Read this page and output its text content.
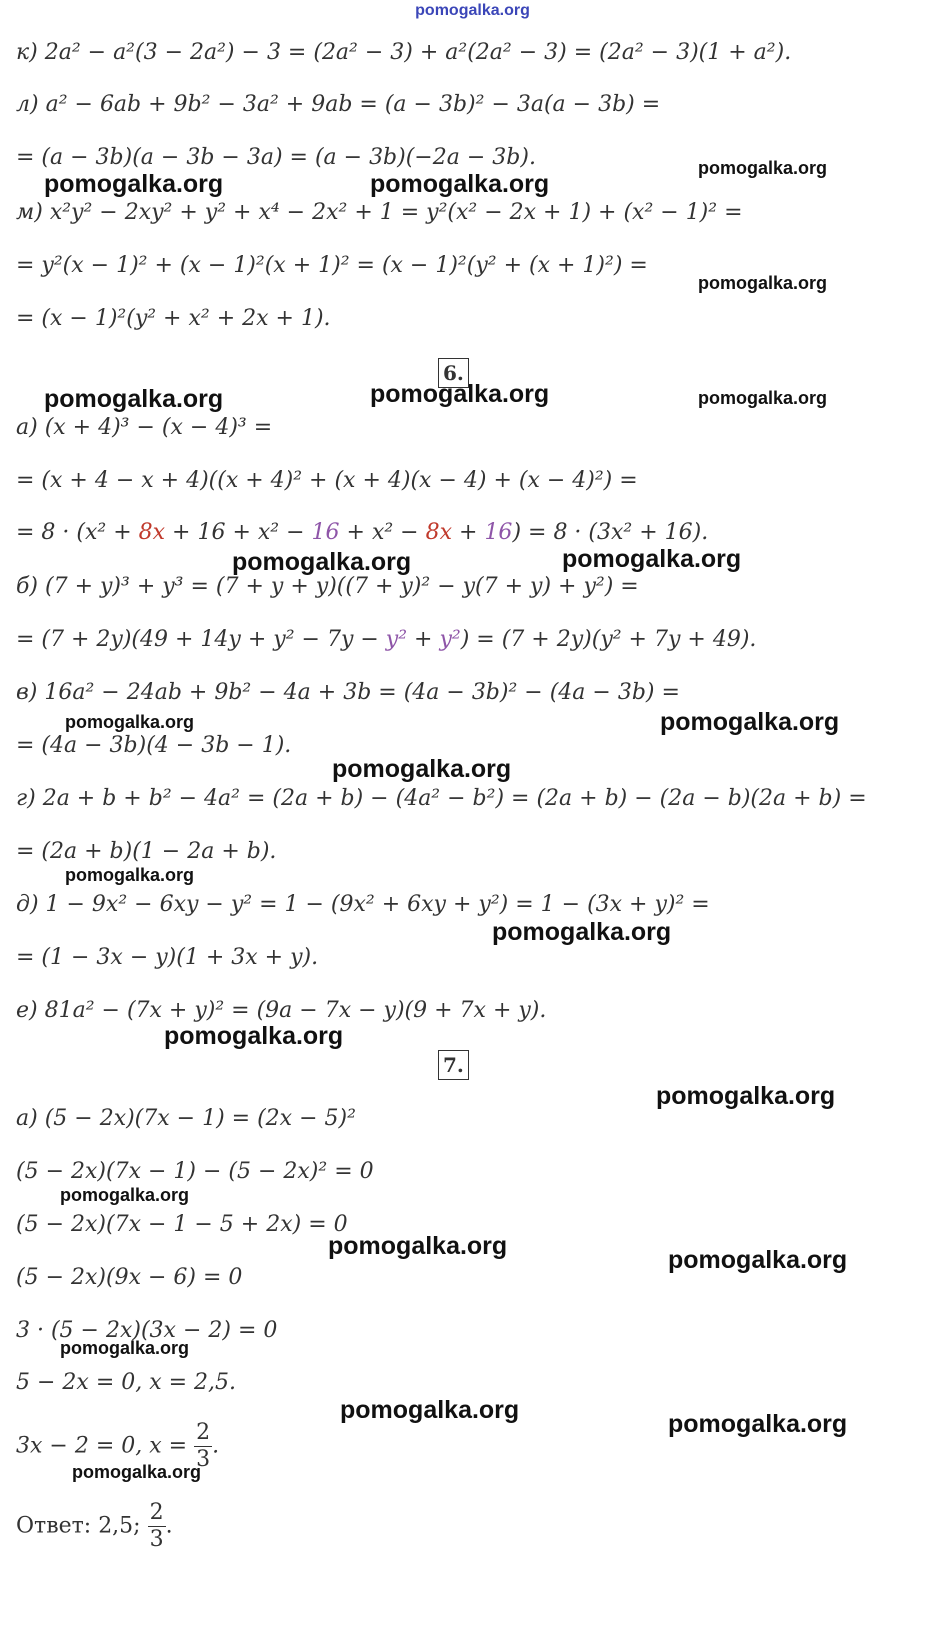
pomogalka.org
к) 2a² − a²(3 − 2a²) − 3 = (2a² − 3) + a²(2a² − 3) = (2a² − 3)(1 + a²).
л) a² − 6ab + 9b² − 3a² + 9ab = (a − 3b)² − 3a(a − 3b) =
= (a − 3b)(a − 3b − 3a) = (a − 3b)(−2a − 3b).
м) x²y² − 2xy² + y² + x⁴ − 2x² + 1 = y²(x² − 2x + 1) + (x² − 1)² =
= y²(x − 1)² + (x − 1)²(x + 1)² = (x − 1)²(y² + (x + 1)²) =
= (x − 1)²(y² + x² + 2x + 1).
а) (x + 4)³ − (x − 4)³ =
= (x + 4 − x + 4)((x + 4)² + (x + 4)(x − 4) + (x − 4)²) =
б) (7 + y)³ + y³ = (7 + y + y)((7 + y)² − y(7 + y) + y²) =
в) 16a² − 24ab + 9b² − 4a + 3b = (4a − 3b)² − (4a − 3b) =
= (4a − 3b)(4 − 3b − 1).
г) 2a + b + b² − 4a² = (2a + b) − (4a² − b²) = (2a + b) − (2a − b)(2a + b) =
= (2a + b)(1 − 2a + b).
д) 1 − 9x² − 6xy − y² = 1 − (9x² + 6xy + y²) = 1 − (3x + y)² =
= (1 − 3x − y)(1 + 3x + y).
е) 81a² − (7x + y)² = (9a − 7x − y)(9 + 7x + y).
а) (5 − 2x)(7x − 1) = (2x − 5)²
(5 − 2x)(7x − 1) − (5 − 2x)² = 0
(5 − 2x)(7x − 1 − 5 + 2x) = 0
(5 − 2x)(9x − 6) = 0
3 · (5 − 2x)(3x − 2) = 0
5 − 2x = 0, x = 2,5.
= 8 · (x² + 8x + 16 + x² − 16 + x² − 8x + 16) = 8 · (3x² + 16).
= (7 + 2y)(49 + 14y + y² − 7y − y² + y²) = (7 + 2y)(y² + 7y + 49).
3x − 2 = 0, $x = \frac{2}{3}$ .
Ответ: 2,5; $\frac{2}{3}$ .
6.
7.
pomogalka.org	pomogalka.org
pomogalka.org
pomogalka.org
pomogalka.org	pomogalka.org	pomogalka.org
pomogalka.org	pomogalka.org
pomogalka.org	pomogalka.org
pomogalka.org
pomogalka.org
pomogalka.org
pomogalka.org
pomogalka.org
pomogalka.org
pomogalka.org	pomogalka.org
pomogalka.org
pomogalka.org	pomogalka.org
pomogalka.org
